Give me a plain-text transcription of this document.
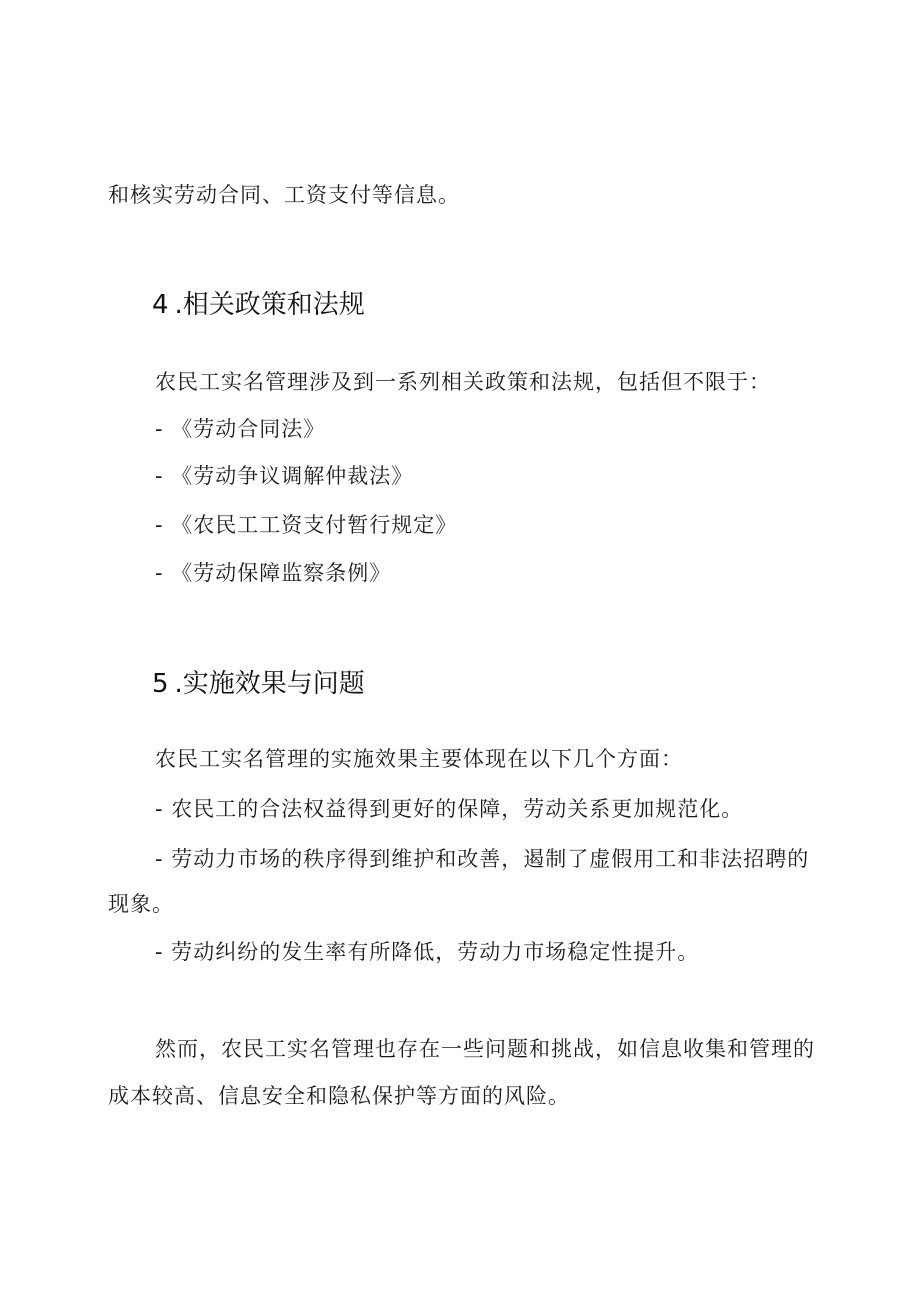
和核实劳动合同、工资支付等信息。
4.相关政策和法规
农民工实名管理涉及到一系列相关政策和法规，包括但不限于：
- 《劳动合同法》
- 《劳动争议调解仲裁法》
- 《农民工工资支付暂行规定》
- 《劳动保障监察条例》
5.实施效果与问题
农民工实名管理的实施效果主要体现在以下几个方面：
- 农民工的合法权益得到更好的保障，劳动关系更加规范化。
- 劳动力市场的秩序得到维护和改善，遏制了虚假用工和非法招聘的
现象。
- 劳动纠纷的发生率有所降低，劳动力市场稳定性提升。
然而，农民工实名管理也存在一些问题和挑战，如信息收集和管理的
成本较高、信息安全和隐私保护等方面的风险。
